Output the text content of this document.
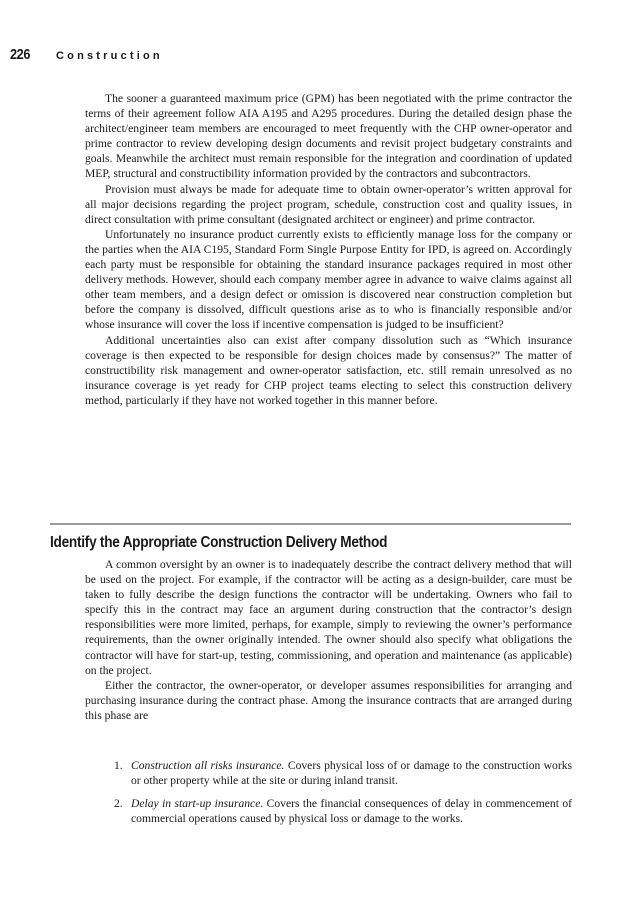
226	Construction

The sooner a guaranteed maximum price (GPM) has been negotiated with the prime contractor the terms of their agreement follow AIA A195 and A295 procedures. During the detailed design phase the architect/engineer team members are encouraged to meet frequently with the CHP owner-operator and prime contractor to review developing design documents and revisit project budgetary constraints and goals. Meanwhile the architect must remain responsible for the integration and coordination of updated MEP, structural and constructibility information provided by the contractors and subcontractors.

Provision must always be made for adequate time to obtain owner-operator’s written approval for all major decisions regarding the project program, schedule, construction cost and quality issues, in direct consultation with prime consultant (designated architect or engineer) and prime contractor.

Unfortunately no insurance product currently exists to efficiently manage loss for the company or the parties when the AIA C195, Standard Form Single Purpose Entity for IPD, is agreed on. Accordingly each party must be responsible for obtaining the standard insurance packages required in most other delivery methods. However, should each company member agree in advance to waive claims against all other team members, and a design defect or omission is discovered near construction completion but before the company is dissolved, difficult questions arise as to who is financially responsible and/or whose insurance will cover the loss if incentive compensation is judged to be insufficient?

Additional uncertainties also can exist after company dissolution such as “Which insurance coverage is then expected to be responsible for design choices made by consensus?” The matter of constructibility risk management and owner-operator satisfaction, etc. still remain unresolved as no insurance coverage is yet ready for CHP project teams electing to select this construction delivery method, particularly if they have not worked together in this manner before.

Identify the Appropriate Construction Delivery Method

A common oversight by an owner is to inadequately describe the contract delivery method that will be used on the project. For example, if the contractor will be acting as a design-builder, care must be taken to fully describe the design functions the contractor will be undertaking. Owners who fail to specify this in the contract may face an argument during construction that the contractor’s design responsibilities were more limited, perhaps, for example, simply to reviewing the owner’s performance requirements, than the owner originally intended. The owner should also specify what obligations the contractor will have for start-up, testing, commissioning, and operation and maintenance (as applicable) on the project.

Either the contractor, the owner-operator, or developer assumes responsibilities for arranging and purchasing insurance during the contract phase. Among the insurance contracts that are arranged during this phase are

1. Construction all risks insurance. Covers physical loss of or damage to the construction works or other property while at the site or during inland transit.
2. Delay in start-up insurance. Covers the financial consequences of delay in commencement of commercial operations caused by physical loss or damage to the works.
